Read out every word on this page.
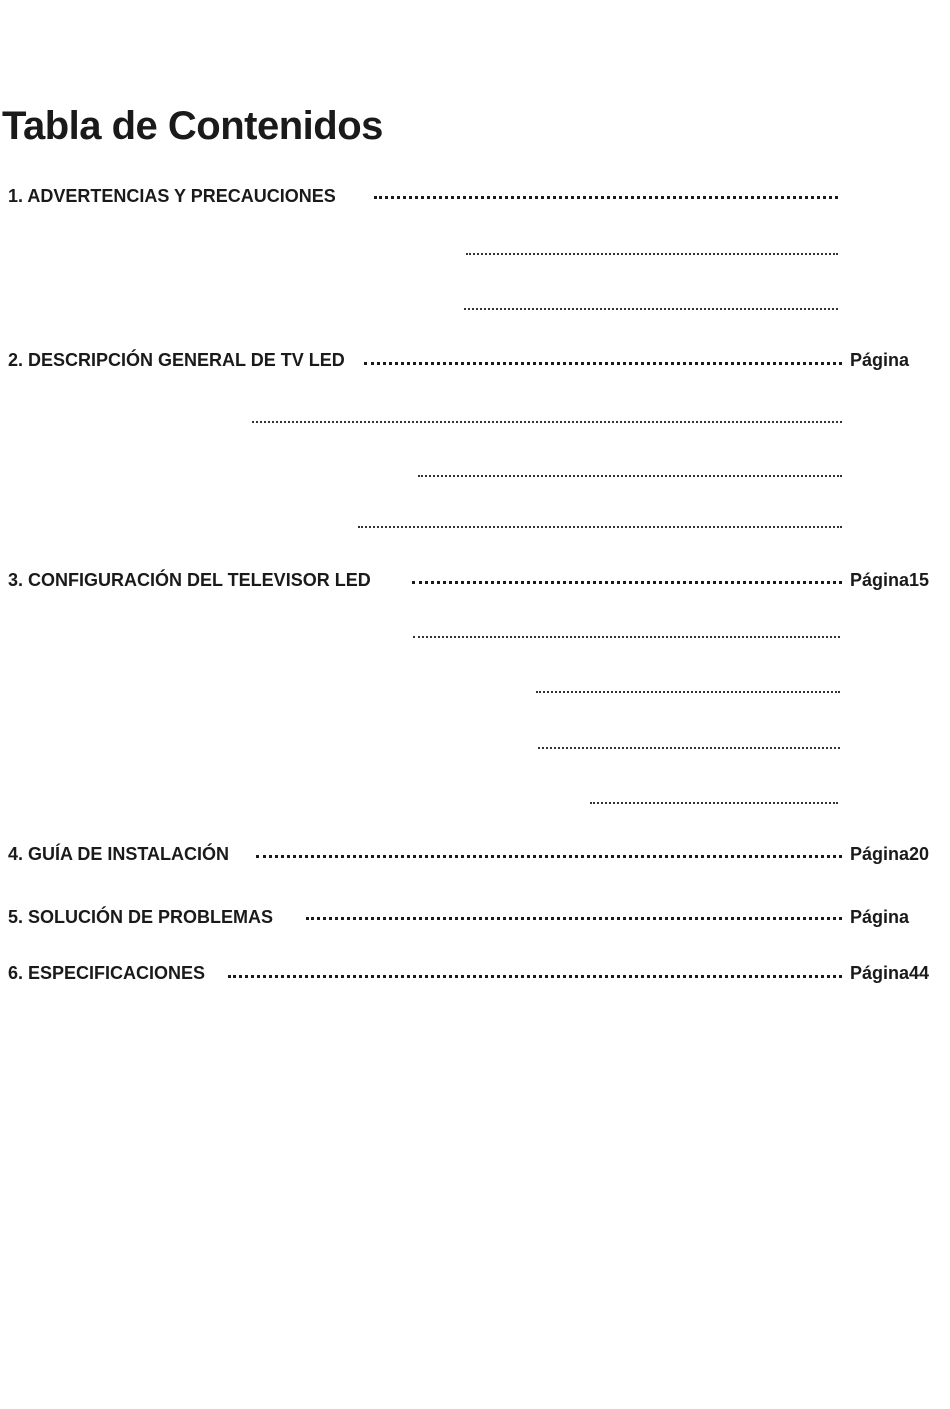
Tabla de Contenidos
1. ADVERTENCIAS Y PRECAUCIONES
2. DESCRIPCIÓN GENERAL DE TV LED	Página
3. CONFIGURACIÓN DEL TELEVISOR LED	Página15
4. GUÍA DE INSTALACIÓN	Página20
5. SOLUCIÓN DE PROBLEMAS	Página
6. ESPECIFICACIONES	Página44
